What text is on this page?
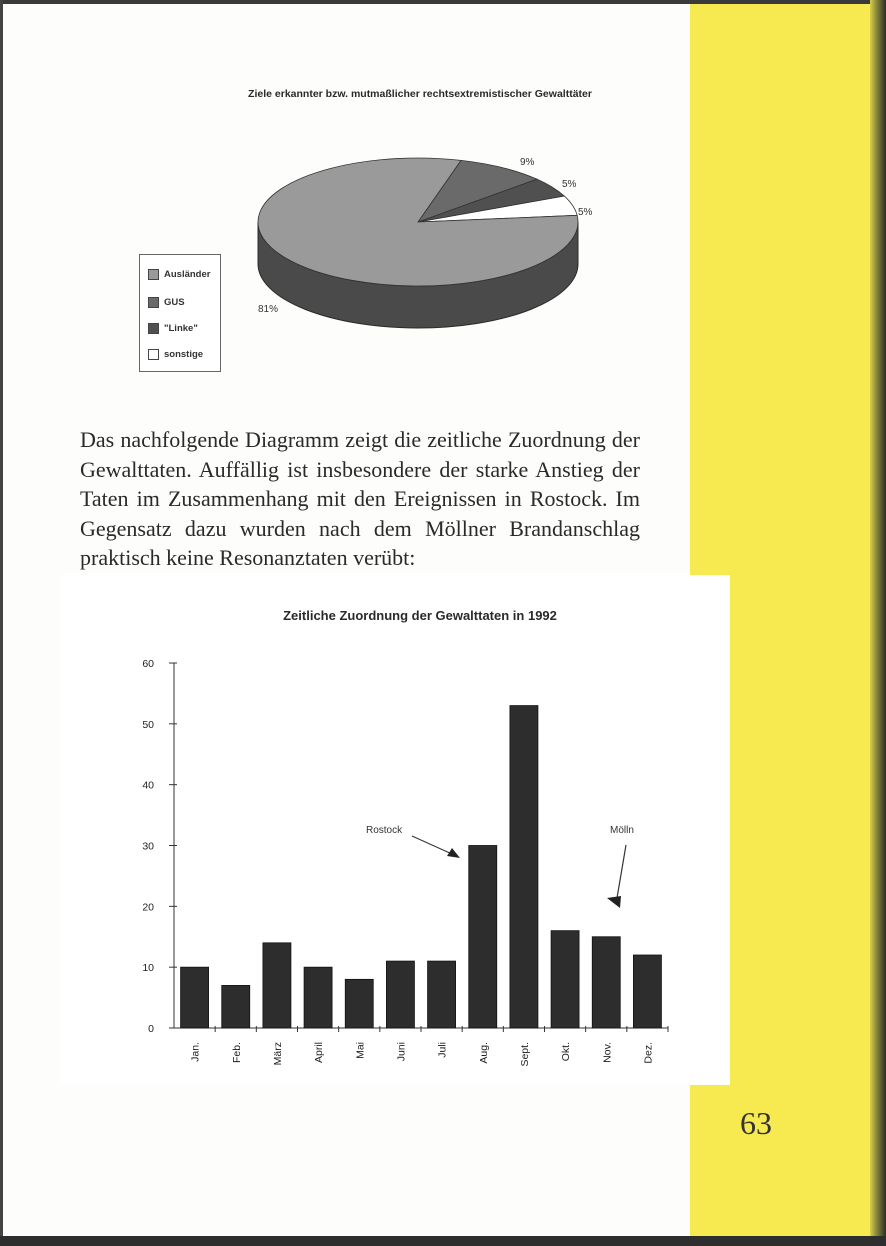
Ziele erkannter bzw. mutmaßlicher rechtsextremistischer Gewalttäter
81%
9%
5%
5%
Ausländer
GUS
"Linke"
sonstige

Das nachfolgende Diagramm zeigt die zeitliche Zuordnung der Gewalttaten. Auffällig ist insbesondere der starke Anstieg der Taten im Zusammenhang mit den Ereignissen in Rostock. Im Gegensatz dazu wurden nach dem Möllner Brandanschlag praktisch keine Resonanztaten verübt:

Zeitliche Zuordnung der Gewalttaten in 1992
0
10
20
30
40
50
60
Jan.	Feb.	März	April	Mai	Juni	Juli	Aug.	Sept.	Okt.	Nov.	Dez.
Rostock	Mölln
63
